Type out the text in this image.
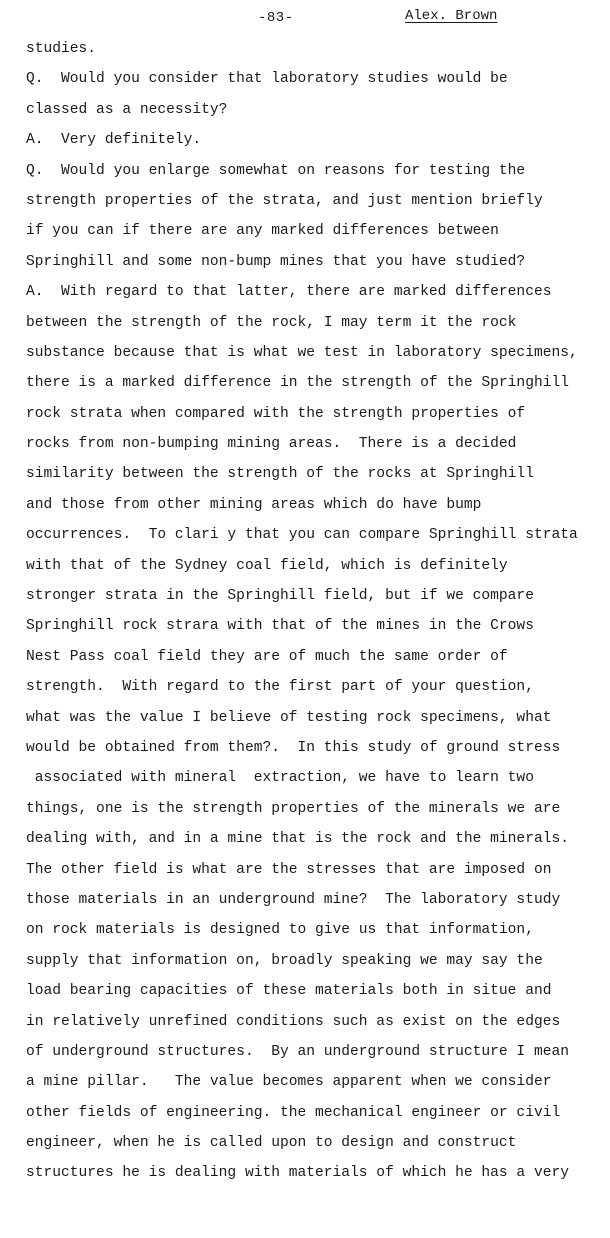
-83-	Alex. Brown
studies.
Q.  Would you consider that laboratory studies would be
classed as a necessity?
A.  Very definitely.
Q.  Would you enlarge somewhat on reasons for testing the
strength properties of the strata, and just mention briefly
if you can if there are any marked differences between
Springhill and some non-bump mines that you have studied?
A.  With regard to that latter, there are marked differences
between the strength of the rock, I may term it the rock
substance because that is what we test in laboratory specimens,
there is a marked difference in the strength of the Springhill
rock strata when compared with the strength properties of
rocks from non-bumping mining areas.  There is a decided
similarity between the strength of the rocks at Springhill
and those from other mining areas which do have bump
occurrences.  To clari y that you can compare Springhill strata
with that of the Sydney coal field, which is definitely
stronger strata in the Springhill field, but if we compare
Springhill rock strara with that of the mines in the Crows
Nest Pass coal field they are of much the same order of
strength.  With regard to the first part of your question,
what was the value I believe of testing rock specimens, what
would be obtained from them?.  In this study of ground stress
associated with mineral  extraction, we have to learn two
things, one is the strength properties of the minerals we are
dealing with, and in a mine that is the rock and the minerals.
The other field is what are the stresses that are imposed on
those materials in an underground mine?  The laboratory study
on rock materials is designed to give us that information,
supply that information on, broadly speaking we may say the
load bearing capacities of these materials both in situe and
in relatively unrefined conditions such as exist on the edges
of underground structures.  By an underground structure I mean
a mine pillar.   The value becomes apparent when we consider
other fields of engineering. the mechanical engineer or civil
engineer, when he is called upon to design and construct
structures he is dealing with materials of which he has a very
